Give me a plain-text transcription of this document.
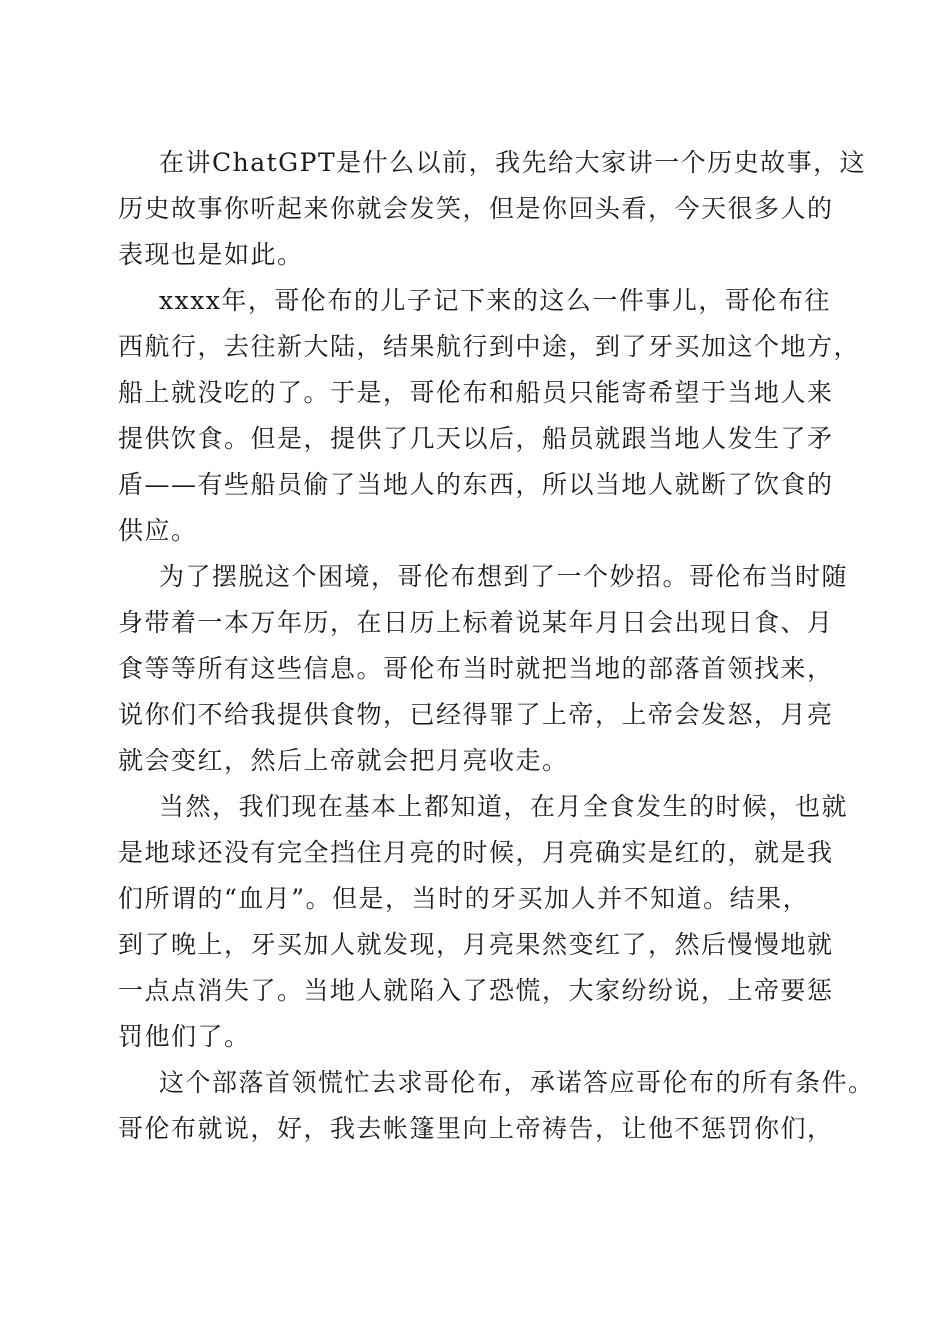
在讲ChatGPT是什么以前，我先给大家讲一个历史故事，这
历史故事你听起来你就会发笑，但是你回头看，今天很多人的
表现也是如此。
xxxx年，哥伦布的儿子记下来的这么一件事儿，哥伦布往
西航行，去往新大陆，结果航行到中途，到了牙买加这个地方，
船上就没吃的了。于是，哥伦布和船员只能寄希望于当地人来
提供饮食。但是，提供了几天以后，船员就跟当地人发生了矛
盾——有些船员偷了当地人的东西，所以当地人就断了饮食的
供应。
为了摆脱这个困境，哥伦布想到了一个妙招。哥伦布当时随
身带着一本万年历，在日历上标着说某年月日会出现日食、月
食等等所有这些信息。哥伦布当时就把当地的部落首领找来，
说你们不给我提供食物，已经得罪了上帝，上帝会发怒，月亮
就会变红，然后上帝就会把月亮收走。
当然，我们现在基本上都知道，在月全食发生的时候，也就
是地球还没有完全挡住月亮的时候，月亮确实是红的，就是我
们所谓的“血月”。但是，当时的牙买加人并不知道。结果，
到了晚上，牙买加人就发现，月亮果然变红了，然后慢慢地就
一点点消失了。当地人就陷入了恐慌，大家纷纷说，上帝要惩
罚他们了。
这个部落首领慌忙去求哥伦布，承诺答应哥伦布的所有条件。
哥伦布就说，好，我去帐篷里向上帝祷告，让他不惩罚你们，
